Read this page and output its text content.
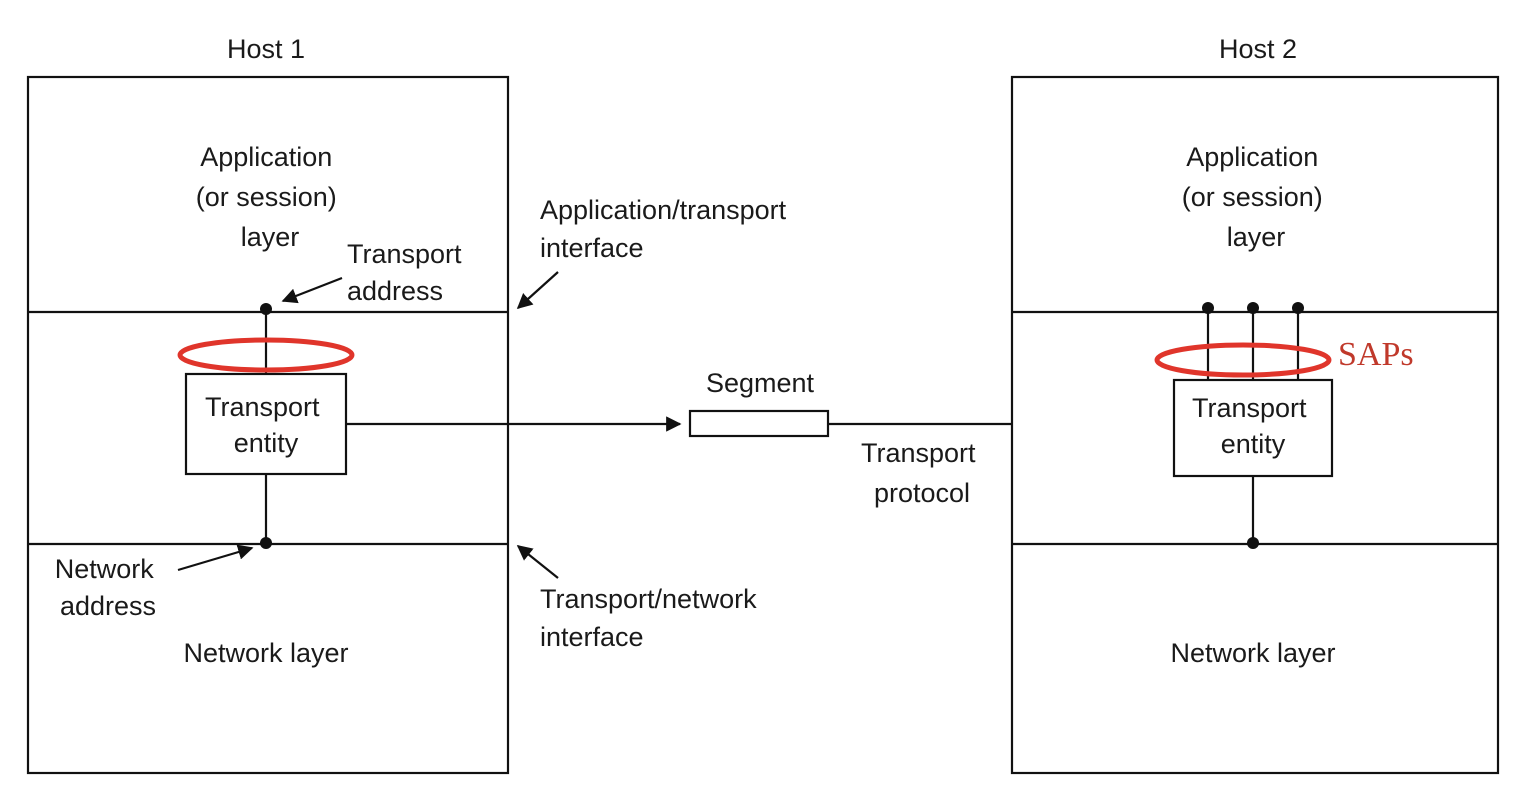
Host 1
Application (or session) layer
Transport address
Transport entity
Network address
Network layer
Application/transport interface
Segment
Transport protocol
Transport/network interface
Host 2
Application (or session) layer
SAPs
Transport entity
Network layer
